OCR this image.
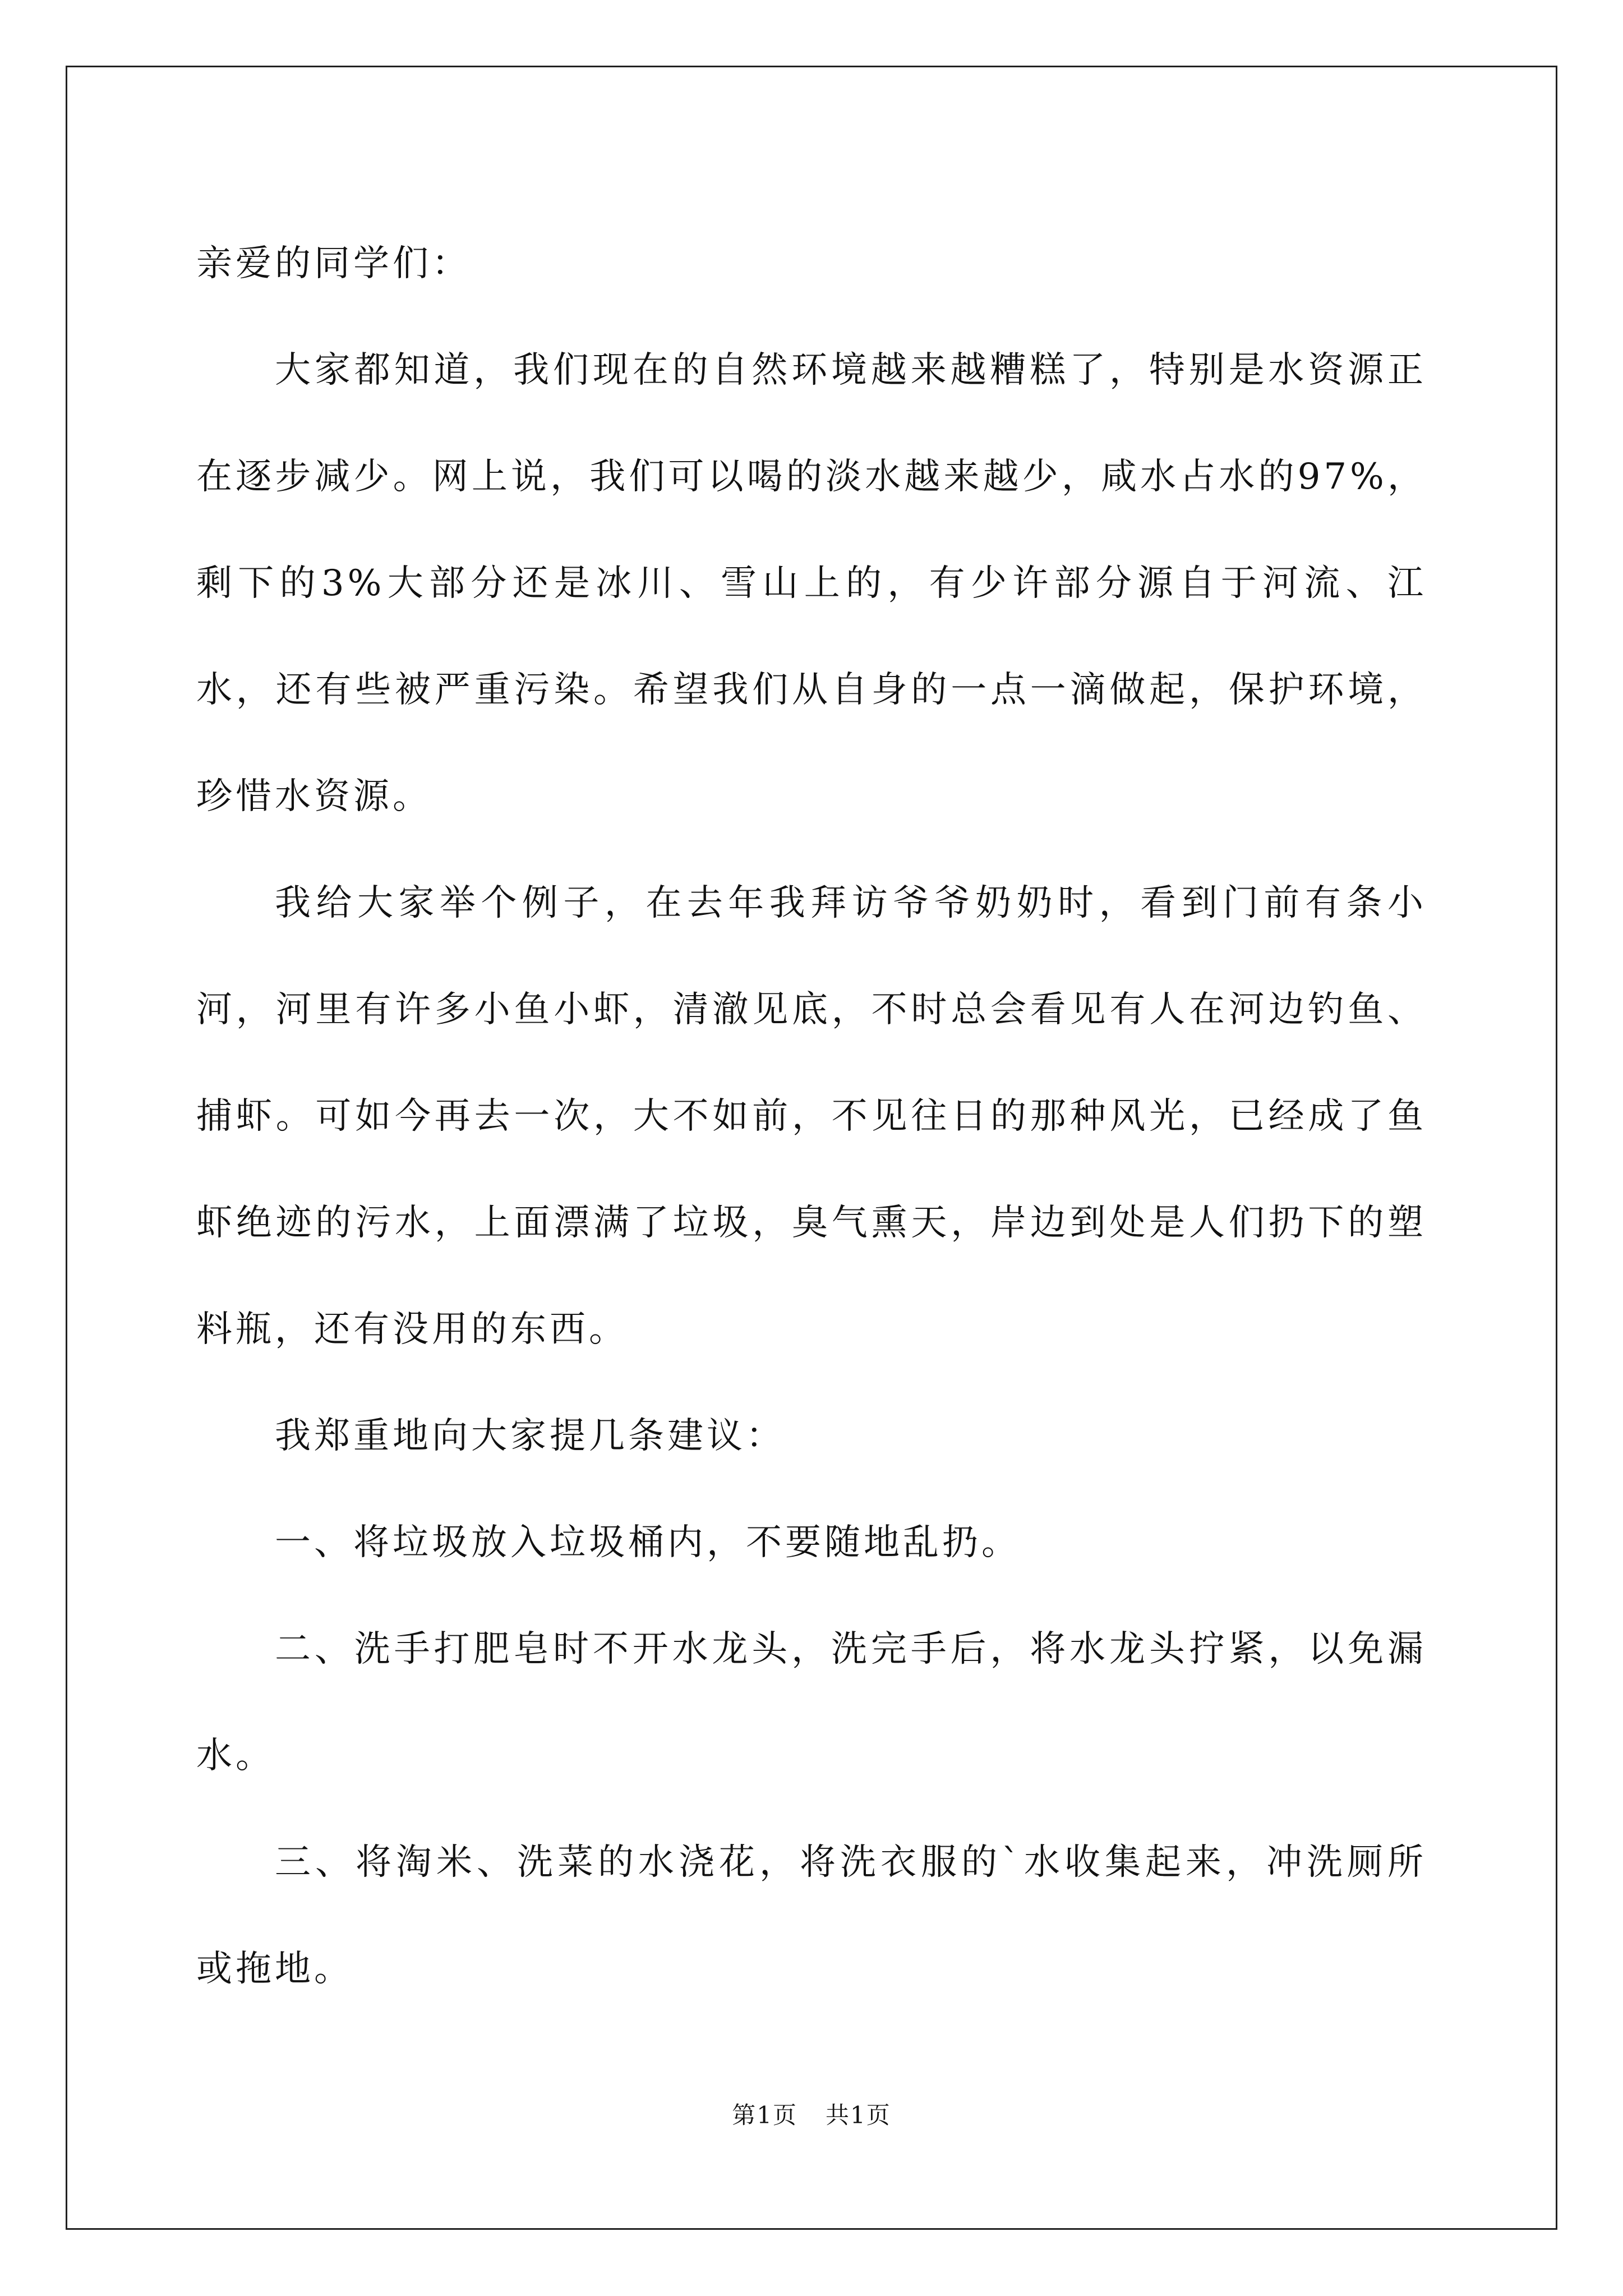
亲爱的同学们：

大家都知道，我们现在的自然环境越来越糟糕了，特别是水资源正在逐步减少。网上说，我们可以喝的淡水越来越少，咸水占水的97%，剩下的3%大部分还是冰川、雪山上的，有少许部分源自于河流、江水，还有些被严重污染。希望我们从自身的一点一滴做起，保护环境，珍惜水资源。

我给大家举个例子，在去年我拜访爷爷奶奶时，看到门前有条小河，河里有许多小鱼小虾，清澈见底，不时总会看见有人在河边钓鱼、捕虾。可如今再去一次，大不如前，不见往日的那种风光，已经成了鱼虾绝迹的污水，上面漂满了垃圾，臭气熏天，岸边到处是人们扔下的塑料瓶，还有没用的东西。

我郑重地向大家提几条建议：

一、将垃圾放入垃圾桶内，不要随地乱扔。

二、洗手打肥皂时不开水龙头，洗完手后，将水龙头拧紧，以免漏水。

三、将淘米、洗菜的水浇花，将洗衣服的`水收集起来，冲洗厕所或拖地。

第1页 共1页
